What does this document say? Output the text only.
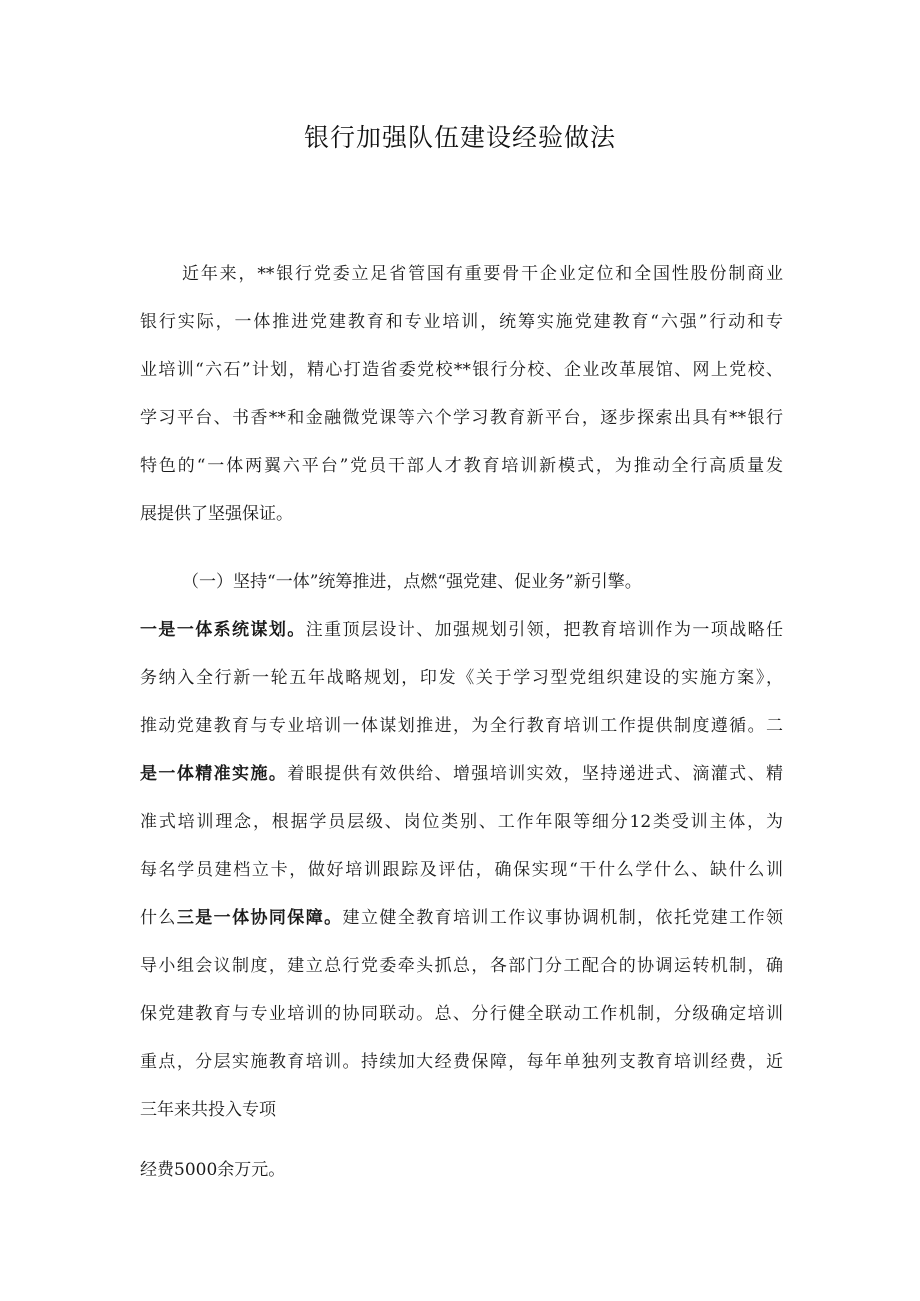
银行加强队伍建设经验做法
近年来，**银行党委立足省管国有重要骨干企业定位和全国性股份制商业
银行实际，一体推进党建教育和专业培训，统筹实施党建教育“六强”行动和专
业培训“六石”计划，精心打造省委党校**银行分校、企业改革展馆、网上党校、
学习平台、书香**和金融微党课等六个学习教育新平台，逐步探索出具有**银行
特色的“一体两翼六平台”党员干部人才教育培训新模式，为推动全行高质量发
展提供了坚强保证。
（一）坚持“一体”统筹推进，点燃“强党建、促业务”新引擎。
一是一体系统谋划。注重顶层设计、加强规划引领，把教育培训作为一项战略任
务纳入全行新一轮五年战略规划，印发《关于学习型党组织建设的实施方案》，
推动党建教育与专业培训一体谋划推进，为全行教育培训工作提供制度遵循。二
是一体精准实施。着眼提供有效供给、增强培训实效，坚持递进式、滴灌式、精
准式培训理念，根据学员层级、岗位类别、工作年限等细分12类受训主体，为
每名学员建档立卡，做好培训跟踪及评估，确保实现“干什么学什么、缺什么训
什么三是一体协同保障。建立健全教育培训工作议事协调机制，依托党建工作领
导小组会议制度，建立总行党委牵头抓总，各部门分工配合的协调运转机制，确
保党建教育与专业培训的协同联动。总、分行健全联动工作机制，分级确定培训
重点，分层实施教育培训。持续加大经费保障，每年单独列支教育培训经费，近
三年来共投入专项
经费5000余万元。
